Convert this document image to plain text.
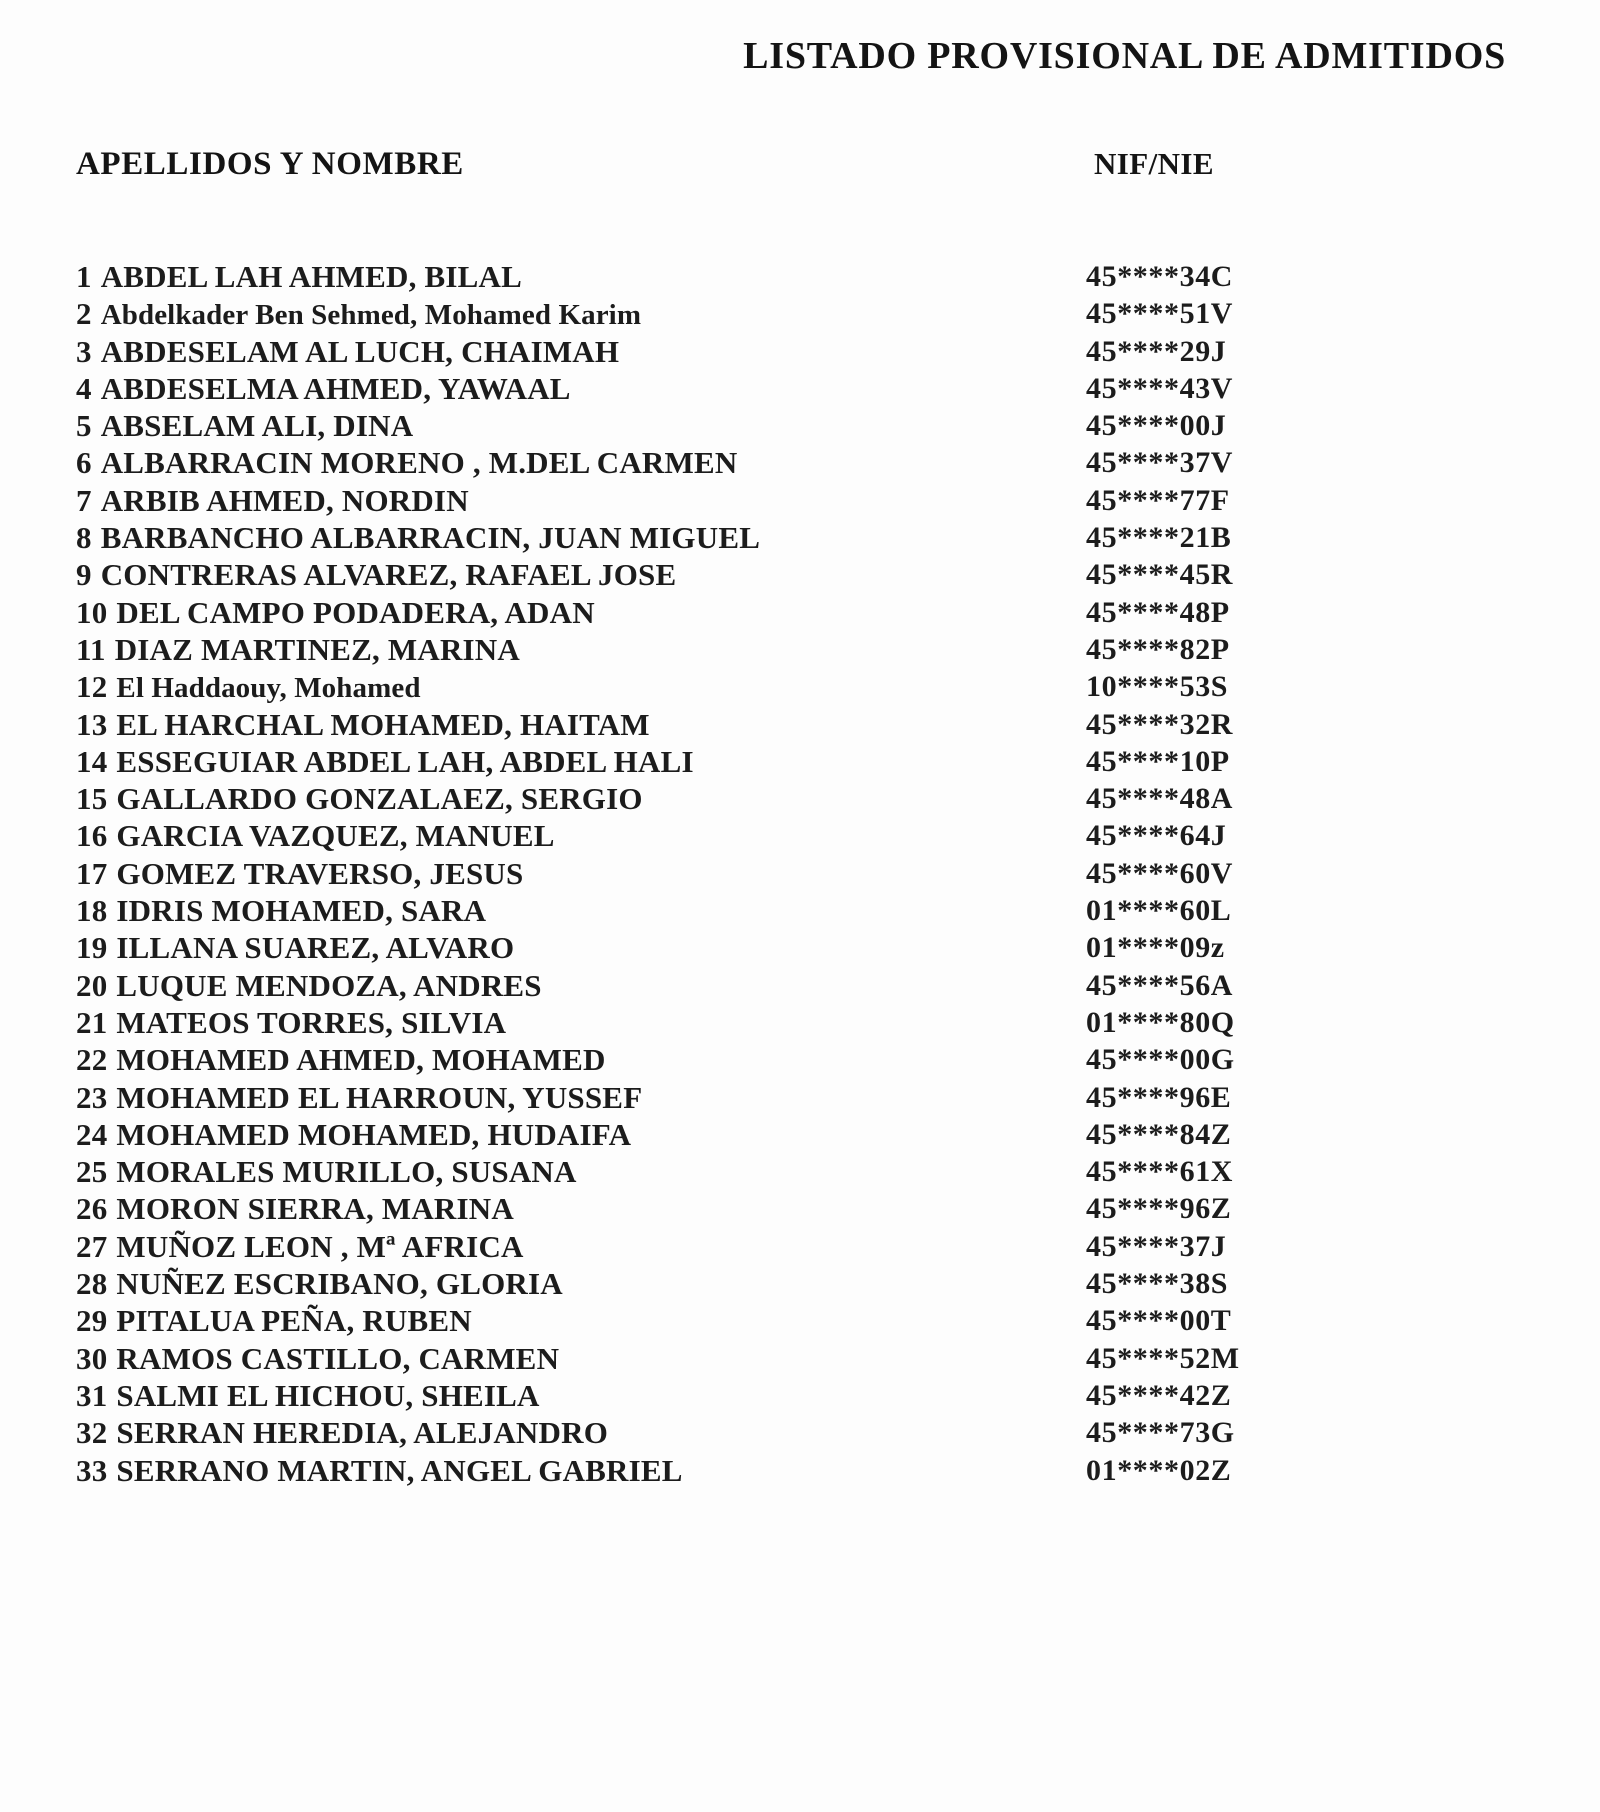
LISTADO PROVISIONAL DE ADMITIDOS
APELLIDOS Y NOMBRE	NIF/NIE
1 ABDEL LAH AHMED, BILAL	45****34C
2 Abdelkader Ben Sehmed, Mohamed Karim	45****51V
3 ABDESELAM AL LUCH, CHAIMAH	45****29J
4 ABDESELMA AHMED, YAWAAL	45****43V
5 ABSELAM ALI, DINA	45****00J
6 ALBARRACIN MORENO , M.DEL CARMEN	45****37V
7 ARBIB AHMED, NORDIN	45****77F
8 BARBANCHO ALBARRACIN, JUAN MIGUEL	45****21B
9 CONTRERAS ALVAREZ, RAFAEL JOSE	45****45R
10 DEL CAMPO PODADERA, ADAN	45****48P
11 DIAZ MARTINEZ, MARINA	45****82P
12 El Haddaouy, Mohamed	10****53S
13 EL HARCHAL MOHAMED, HAITAM	45****32R
14 ESSEGUIAR ABDEL LAH, ABDEL HALI	45****10P
15 GALLARDO GONZALAEZ, SERGIO	45****48A
16 GARCIA VAZQUEZ, MANUEL	45****64J
17 GOMEZ TRAVERSO, JESUS	45****60V
18 IDRIS MOHAMED, SARA	01****60L
19 ILLANA SUAREZ, ALVARO	01****09z
20 LUQUE MENDOZA, ANDRES	45****56A
21 MATEOS TORRES, SILVIA	01****80Q
22 MOHAMED AHMED, MOHAMED	45****00G
23 MOHAMED EL HARROUN, YUSSEF	45****96E
24 MOHAMED MOHAMED, HUDAIFA	45****84Z
25 MORALES MURILLO, SUSANA	45****61X
26 MORON SIERRA, MARINA	45****96Z
27 MUÑOZ LEON , Mª AFRICA	45****37J
28 NUÑEZ ESCRIBANO, GLORIA	45****38S
29 PITALUA PEÑA, RUBEN	45****00T
30 RAMOS CASTILLO, CARMEN	45****52M
31 SALMI EL HICHOU, SHEILA	45****42Z
32 SERRAN HEREDIA, ALEJANDRO	45****73G
33 SERRANO MARTIN, ANGEL GABRIEL	01****02Z
